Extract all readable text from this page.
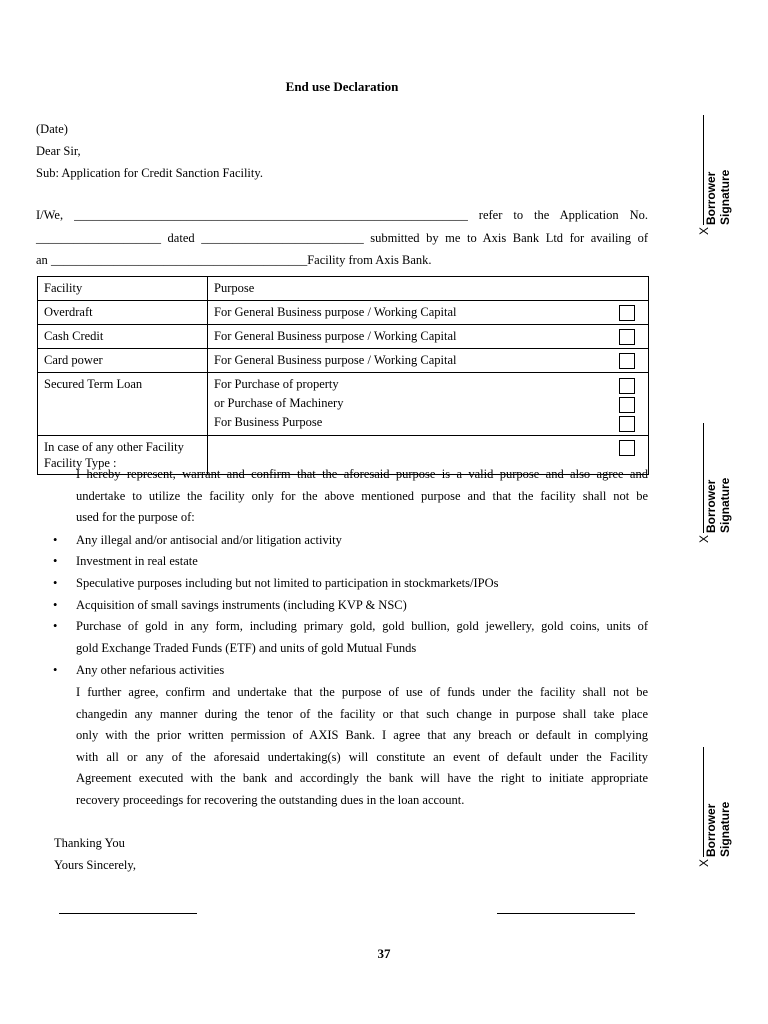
End use Declaration
(Date)
Dear Sir,
Sub: Application for Credit Sanction Facility.
I/We, _______________________________________________________________ refer to the Application No.
____________________ dated __________________________ submitted by me to Axis Bank Ltd for availing of
an _________________________________________Facility from Axis Bank.
Facility	Purpose
Overdraft	For General Business purpose / Working Capital

Cash Credit	For General Business purpose / Working Capital

Card power	For General Business purpose / Working Capital

Secured Term Loan	For Purchase of property
or Purchase of Machinery
For Business Purpose

In case of any other Facility
Facility Type :	

I hereby represent, warrant and confirm that the aforesaid purpose is a valid purpose and also agree and
undertake to utilize the facility only for the above mentioned purpose and that the facility shall not be
used for the purpose of:
• Any illegal and/or antisocial and/or litigation activity
• Investment in real estate
• Speculative purposes including but not limited to participation in stockmarkets/IPOs
• Acquisition of small savings instruments (including KVP & NSC)
• Purchase of gold in any form, including primary gold, gold bullion, gold jewellery, gold coins, units of
gold Exchange Traded Funds (ETF) and units of gold Mutual Funds
• Any other nefarious activities
I further agree, confirm and undertake that the purpose of use of funds under the facility shall not be
changedin any manner during the tenor of the facility or that such change in purpose shall take place
only with the prior written permission of AXIS Bank. I agree that any breach or default in complying
with all or any of the aforesaid undertaking(s) will constitute an event of default under the Facility
Agreement executed with the bank and accordingly the bank will have the right to initiate appropriate
recovery proceedings for recovering the outstanding dues in the loan account.
Thanking You
Yours Sincerely,
37
X
Borrower Signature
X
Borrower Signature
X
Borrower Signature
